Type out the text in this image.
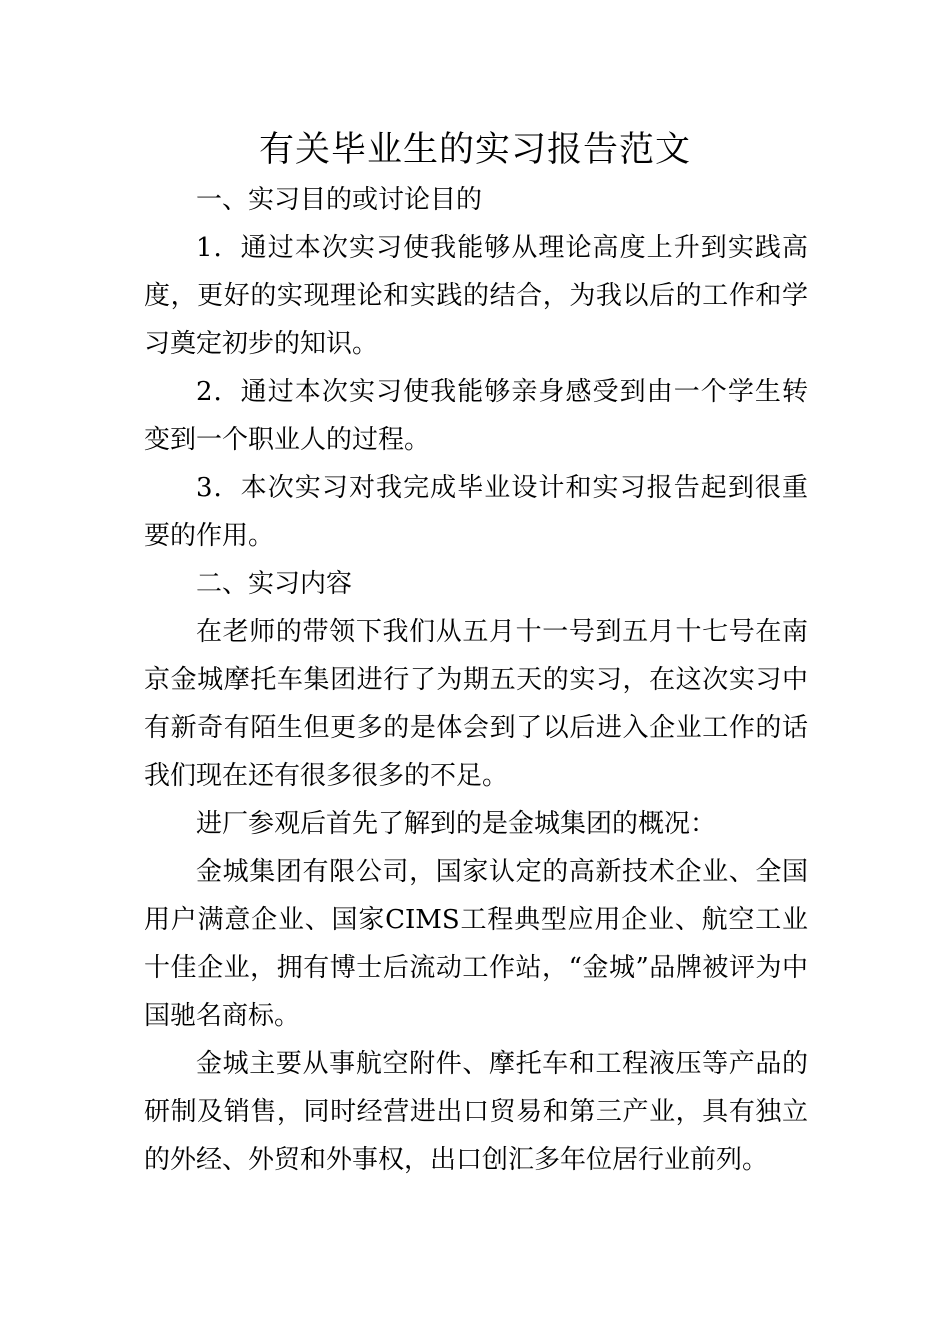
有关毕业生的实习报告范文

一、实习目的或讨论目的

1．通过本次实习使我能够从理论高度上升到实践高度，更好的实现理论和实践的结合，为我以后的工作和学习奠定初步的知识。

2．通过本次实习使我能够亲身感受到由一个学生转变到一个职业人的过程。

3．本次实习对我完成毕业设计和实习报告起到很重要的作用。

二、实习内容

在老师的带领下我们从五月十一号到五月十七号在南京金城摩托车集团进行了为期五天的实习，在这次实习中有新奇有陌生但更多的是体会到了以后进入企业工作的话我们现在还有很多很多的不足。

进厂参观后首先了解到的是金城集团的概况：

金城集团有限公司，国家认定的高新技术企业、全国用户满意企业、国家CIMS工程典型应用企业、航空工业十佳企业，拥有博士后流动工作站，“金城”品牌被评为中国驰名商标。

金城主要从事航空附件、摩托车和工程液压等产品的研制及销售，同时经营进出口贸易和第三产业，具有独立的外经、外贸和外事权，出口创汇多年位居行业前列。
